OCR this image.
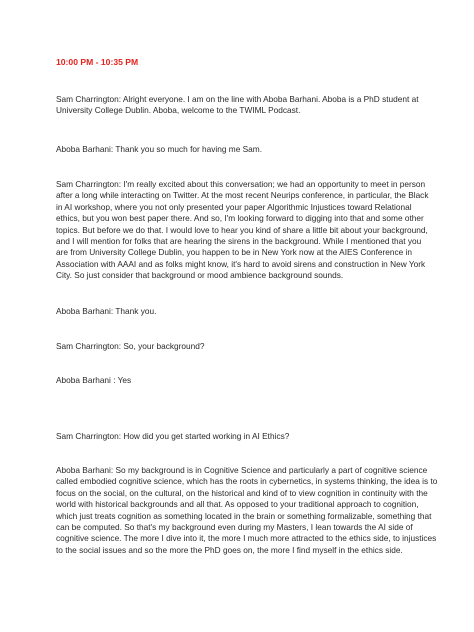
10:00 PM - 10:35 PM
Sam Charrington: Alright everyone. I am on the line with Aboba Barhani. Aboba is a PhD student at
University College Dublin. Aboba, welcome to the TWIML Podcast.
Aboba Barhani: Thank you so much for having me Sam.
Sam Charrington: I'm really excited about this conversation; we had an opportunity to meet in person
after a long while interacting on Twitter. At the most recent Neurips conference, in particular, the Black
in AI workshop, where you not only presented your paper Algorithmic Injustices toward Relational
ethics, but you won best paper there. And so, I'm looking forward to digging into that and some other
topics. But before we do that. I would love to hear you kind of share a little bit about your background,
and I will mention for folks that are hearing the sirens in the background. While I mentioned that you
are from University College Dublin, you happen to be in New York now at the AIES Conference in
Association with AAAI and as folks might know, it's hard to avoid sirens and construction in New York
City. So just consider that background or mood ambience background sounds.
Aboba Barhani: Thank you.
Sam Charrington: So, your background?
Aboba Barhani : Yes
Sam Charrington: How did you get started working in AI Ethics?
Aboba Barhani: So my background is in Cognitive Science and particularly a part of cognitive science
called embodied cognitive science, which has the roots in cybernetics, in systems thinking, the idea is to
focus on the social, on the cultural, on the historical and kind of to view cognition in continuity with the
world with historical backgrounds and all that. As opposed to your traditional approach to cognition,
which just treats cognition as something located in the brain or something formalizable, something that
can be computed. So that's my background even during my Masters, I lean towards the AI side of
cognitive science. The more I dive into it, the more I much more attracted to the ethics side, to injustices
to the social issues and so the more the PhD goes on, the more I find myself in the ethics side.
